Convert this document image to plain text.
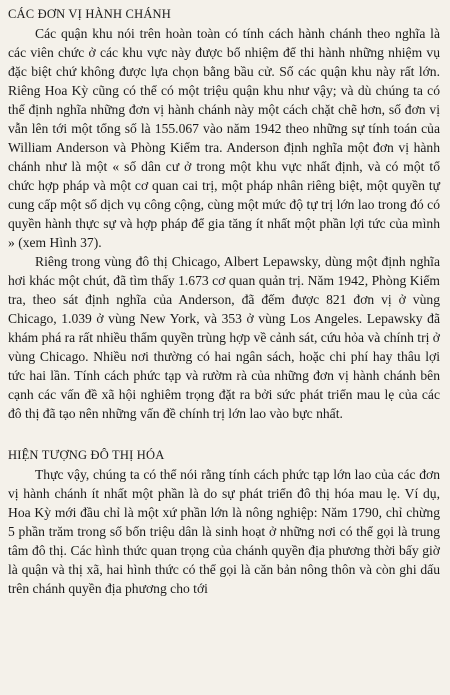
CÁC ĐƠN VỊ HÀNH CHÁNH

Các quận khu nói trên hoàn toàn có tính cách hành chánh theo nghĩa là các viên chức ở các khu vực này được bổ nhiệm để thi hành những nhiệm vụ đặc biệt chứ không được lựa chọn bằng bầu cử. Số các quận khu này rất lớn. Riêng Hoa Kỳ cũng có thể có một triệu quận khu như vậy; và dù chúng ta có thể định nghĩa những đơn vị hành chánh này một cách chặt chẽ hơn, số đơn vị vẫn lên tới một tổng số là 155.067 vào năm 1942 theo những sự tính toán của William Anderson và Phòng Kiểm tra. Anderson định nghĩa một đơn vị hành chánh như là một « số dân cư ở trong một khu vực nhất định, và có một tổ chức hợp pháp và một cơ quan cai trị, một pháp nhân riêng biệt, một quyền tự cung cấp một số dịch vụ công cộng, cùng một mức độ tự trị lớn lao trong đó có quyền hành thực sự và hợp pháp để gia tăng ít nhất một phần lợi tức của mình » (xem Hình 37).

Riêng trong vùng đô thị Chicago, Albert Lepawsky, dùng một định nghĩa hơi khác một chút, đã tìm thấy 1.673 cơ quan quản trị. Năm 1942, Phòng Kiểm tra, theo sát định nghĩa của Anderson, đã đếm được 821 đơn vị ở vùng Chicago, 1.039 ở vùng New York, và 353 ở vùng Los Angeles. Lepawsky đã khám phá ra rất nhiều thẩm quyền trùng hợp về cảnh sát, cứu hỏa và chính trị ở vùng Chicago. Nhiều nơi thường có hai ngân sách, hoặc chi phí hay thâu lợi tức hai lần. Tính cách phức tạp và rườm rà của những đơn vị hành chánh bên cạnh các vấn đề xã hội nghiêm trọng đặt ra bởi sức phát triển mau lẹ của các đô thị đã tạo nên những vấn đề chính trị lớn lao vào bực nhất.

HIỆN TƯỢNG ĐÔ THỊ HÓA

Thực vậy, chúng ta có thể nói rằng tính cách phức tạp lớn lao của các đơn vị hành chánh ít nhất một phần là do sự phát triển đô thị hóa mau lẹ. Ví dụ, Hoa Kỳ mới đầu chỉ là một xứ phần lớn là nông nghiệp: Năm 1790, chỉ chừng 5 phần trăm trong số bốn triệu dân là sinh hoạt ở những nơi có thể gọi là trung tâm đô thị. Các hình thức quan trọng của chánh quyền địa phương thời bấy giờ là quận và thị xã, hai hình thức có thể gọi là căn bản nông thôn và còn ghi dấu trên chánh quyền địa phương cho tới
